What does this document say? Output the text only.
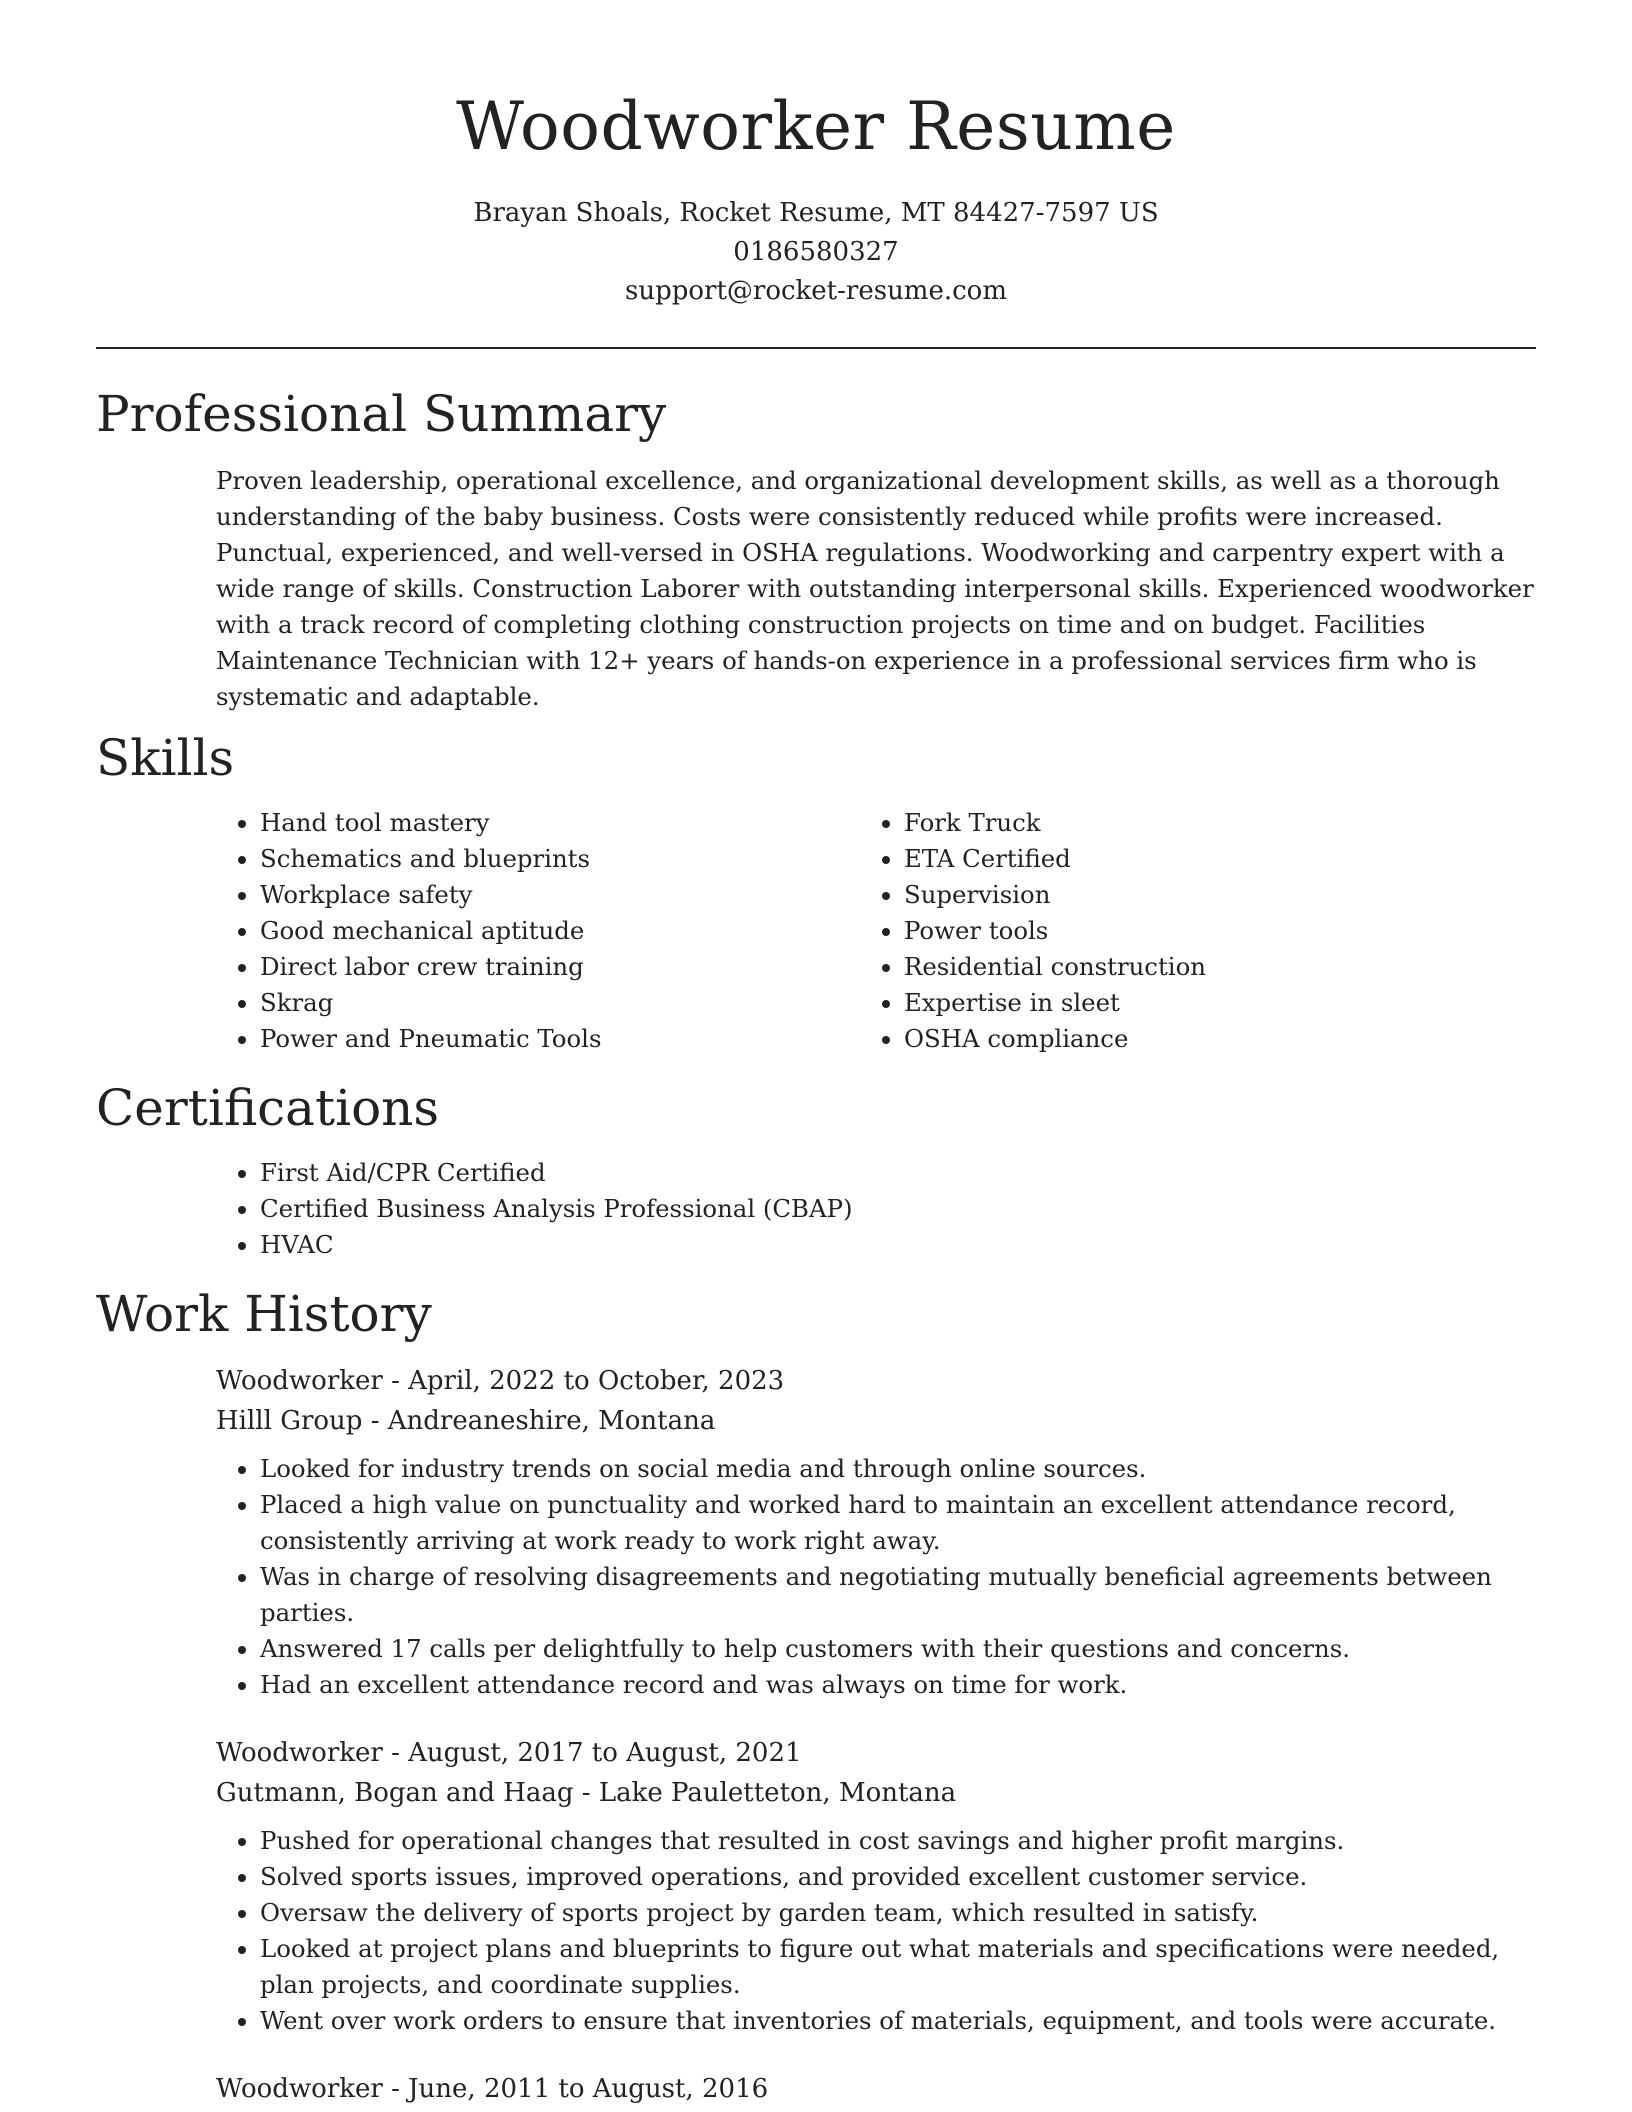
Woodworker Resume
Brayan Shoals, Rocket Resume, MT 84427-7597 US
0186580327
support@rocket-resume.com
Professional Summary

Proven leadership, operational excellence, and organizational development skills, as well as a thorough understanding of the baby business. Costs were consistently reduced while profits were increased. Punctual, experienced, and well-versed in OSHA regulations. Woodworking and carpentry expert with a wide range of skills. Construction Laborer with outstanding interpersonal skills. Experienced woodworker with a track record of completing clothing construction projects on time and on budget. Facilities Maintenance Technician with 12+ years of hands-on experience in a professional services firm who is systematic and adaptable.

Skills
• Hand tool mastery
• Schematics and blueprints
• Workplace safety
• Good mechanical aptitude
• Direct labor crew training
• Skrag
• Power and Pneumatic Tools
• Fork Truck
• ETA Certified
• Supervision
• Power tools
• Residential construction
• Expertise in sleet
• OSHA compliance
Certifications
• First Aid/CPR Certified
• Certified Business Analysis Professional (CBAP)
• HVAC
Work History
Woodworker - April, 2022 to October, 2023
Hilll Group - Andreaneshire, Montana
• Looked for industry trends on social media and through online sources.
• Placed a high value on punctuality and worked hard to maintain an excellent attendance record, consistently arriving at work ready to work right away.
• Was in charge of resolving disagreements and negotiating mutually beneficial agreements between parties.
• Answered 17 calls per delightfully to help customers with their questions and concerns.
• Had an excellent attendance record and was always on time for work.
Woodworker - August, 2017 to August, 2021
Gutmann, Bogan and Haag - Lake Pauletteton, Montana
• Pushed for operational changes that resulted in cost savings and higher profit margins.
• Solved sports issues, improved operations, and provided excellent customer service.
• Oversaw the delivery of sports project by garden team, which resulted in satisfy.
• Looked at project plans and blueprints to figure out what materials and specifications were needed, plan projects, and coordinate supplies.
• Went over work orders to ensure that inventories of materials, equipment, and tools were accurate.
Woodworker - June, 2011 to August, 2016
